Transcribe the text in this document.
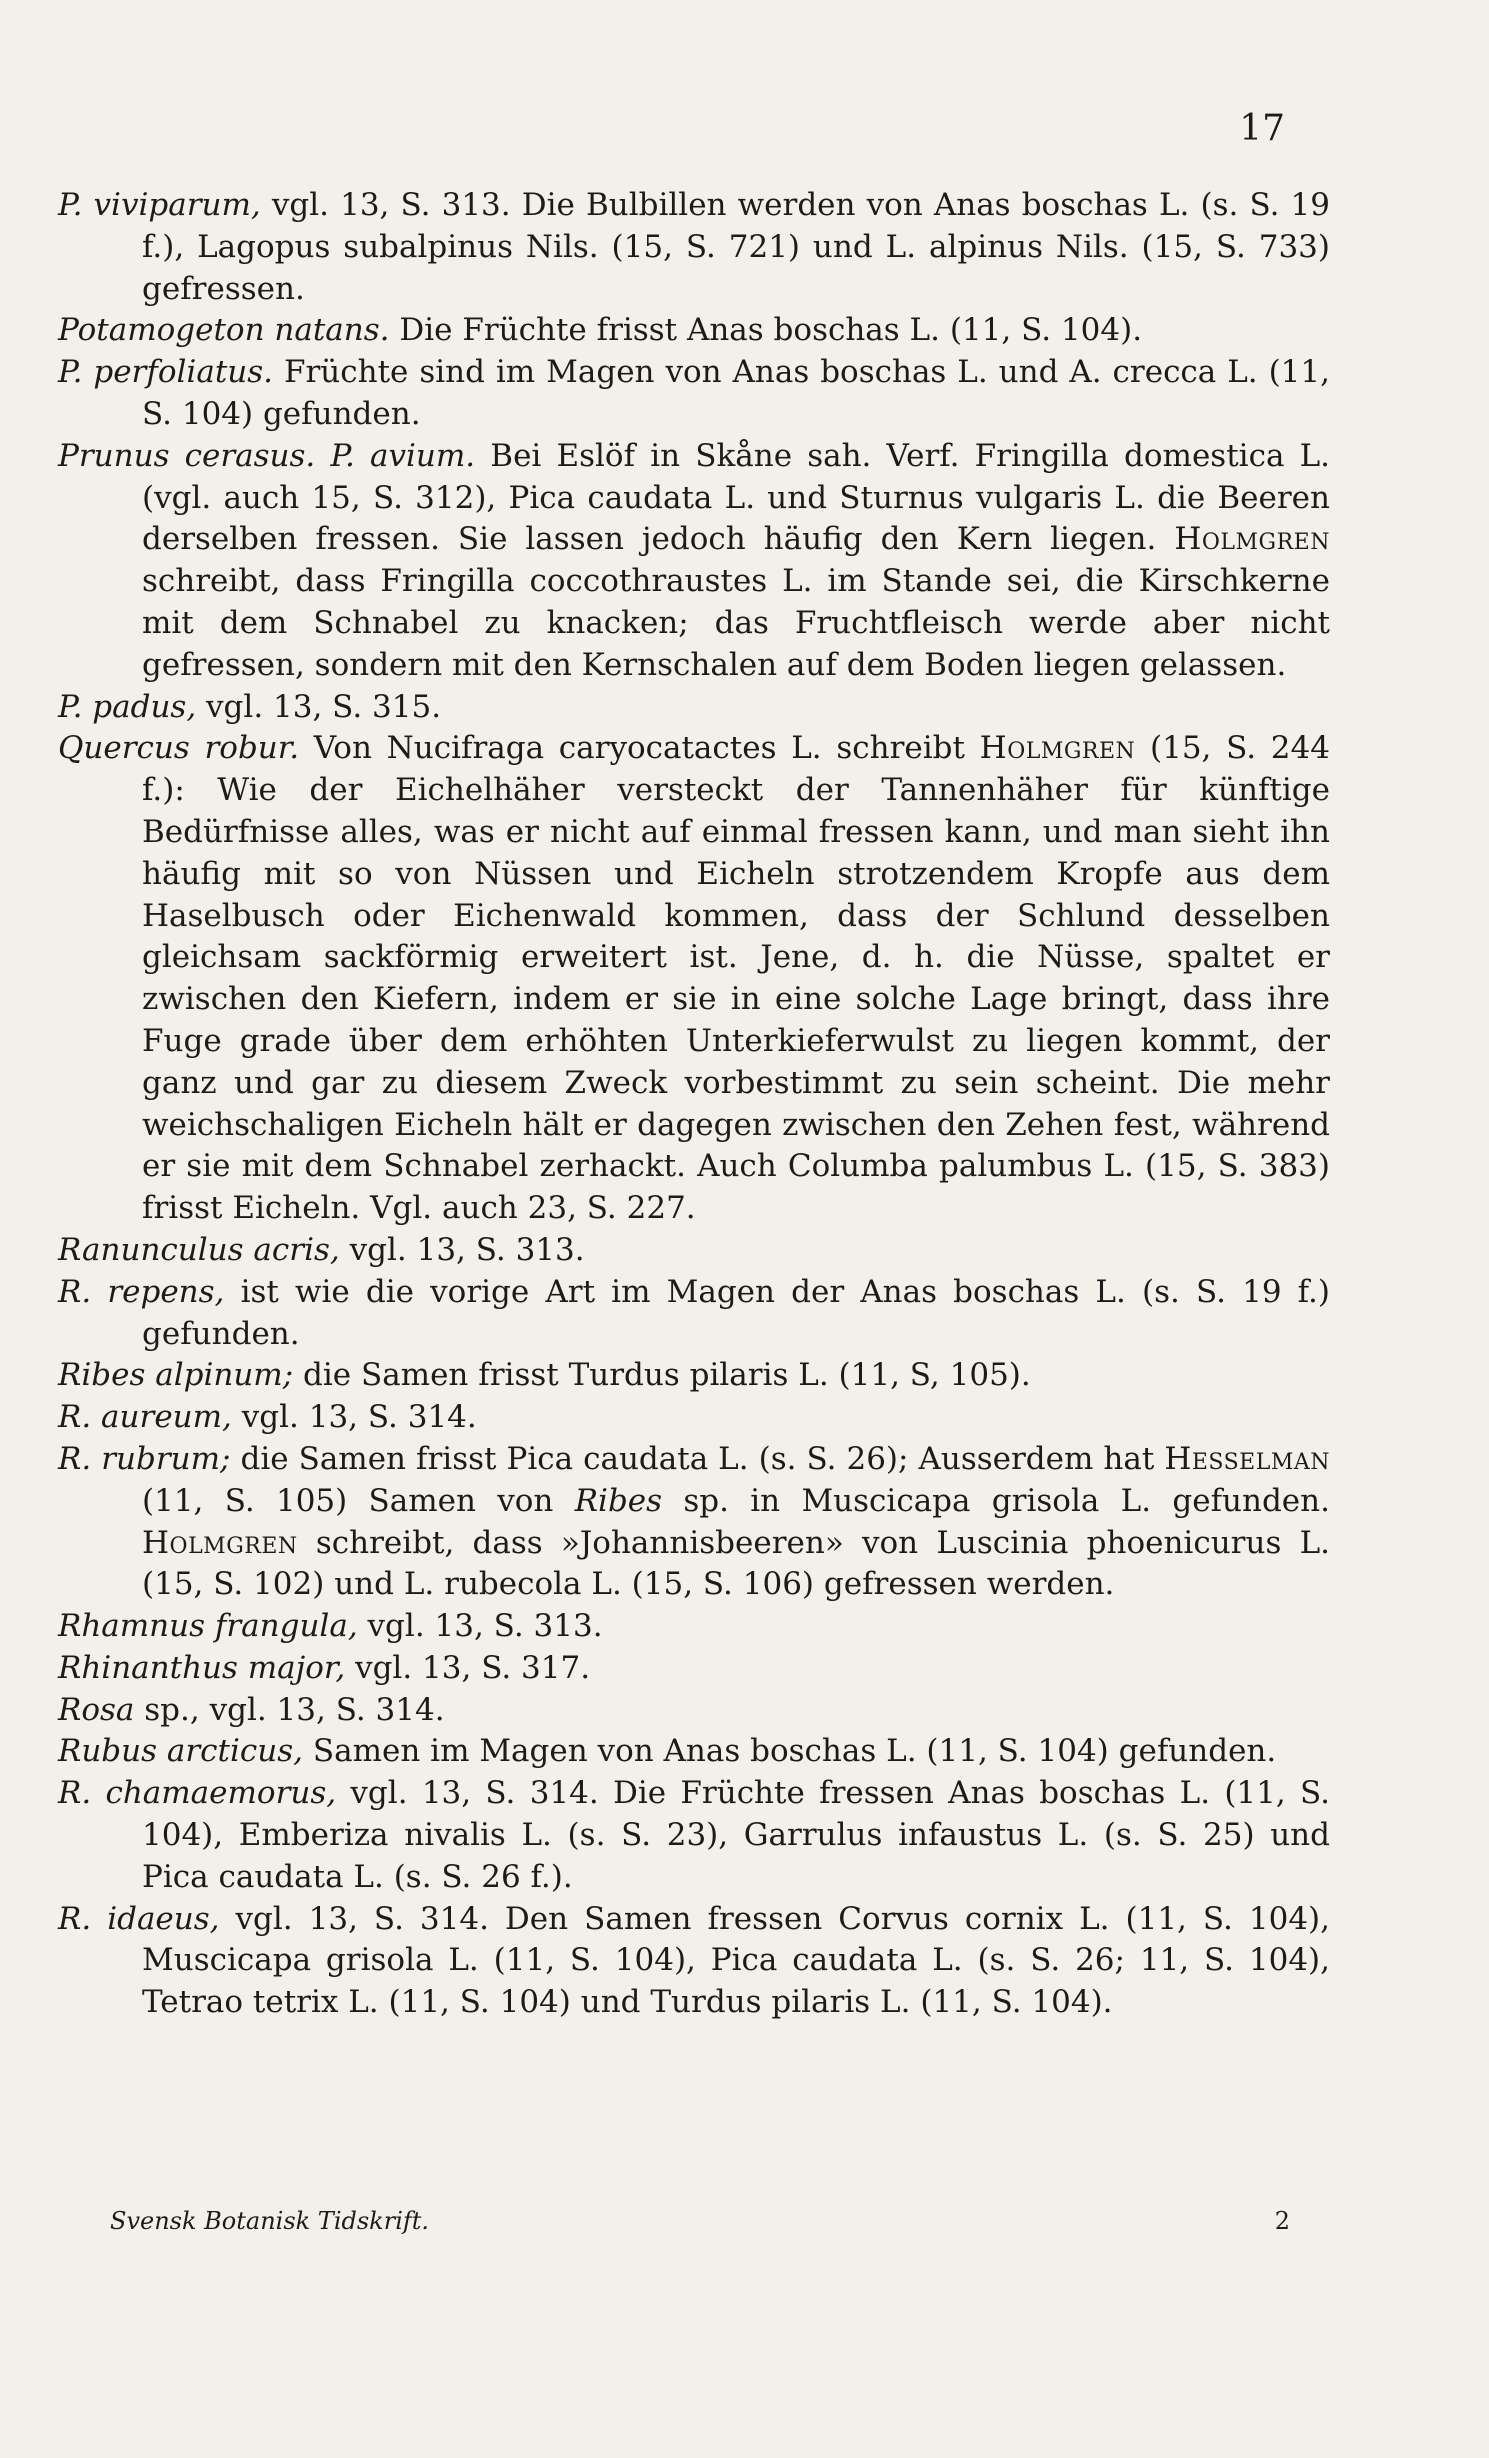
17

P. viviparum, vgl. 13, S. 313. Die Bulbillen werden von Anas boschas L. (s. S. 19 f.), Lagopus subalpinus Nils. (15, S. 721) und L. alpinus Nils. (15, S. 733) gefressen.

Potamogeton natans. Die Früchte frisst Anas boschas L. (11, S. 104).

P. perfoliatus. Früchte sind im Magen von Anas boschas L. und A. crecca L. (11, S. 104) gefunden.

Prunus cerasus. P. avium. Bei Eslöf in Skåne sah. Verf. Fringilla domestica L. (vgl. auch 15, S. 312), Pica caudata L. und Sturnus vulgaris L. die Beeren derselben fressen. Sie lassen jedoch häufig den Kern liegen. Holmgren schreibt, dass Fringilla coccothraustes L. im Stande sei, die Kirschkerne mit dem Schnabel zu knacken; das Fruchtfleisch werde aber nicht gefressen, sondern mit den Kernschalen auf dem Boden liegen gelassen.

P. padus, vgl. 13, S. 315.

Quercus robur. Von Nucifraga caryocatactes L. schreibt Holmgren (15, S. 244 f.): Wie der Eichelhäher versteckt der Tannenhäher für künftige Bedürfnisse alles, was er nicht auf einmal fressen kann, und man sieht ihn häufig mit so von Nüssen und Eicheln strotzendem Kropfe aus dem Haselbusch oder Eichenwald kommen, dass der Schlund desselben gleichsam sackförmig erweitert ist. Jene, d. h. die Nüsse, spaltet er zwischen den Kiefern, indem er sie in eine solche Lage bringt, dass ihre Fuge grade über dem erhöhten Unterkieferwulst zu liegen kommt, der ganz und gar zu diesem Zweck vorbestimmt zu sein scheint. Die mehr weichschaligen Eicheln hält er dagegen zwischen den Zehen fest, während er sie mit dem Schnabel zerhackt. Auch Columba palumbus L. (15, S. 383) frisst Eicheln. Vgl. auch 23, S. 227.

Ranunculus acris, vgl. 13, S. 313.

R. repens, ist wie die vorige Art im Magen der Anas boschas L. (s. S. 19 f.) gefunden.

Ribes alpinum; die Samen frisst Turdus pilaris L. (11, S, 105).

R. aureum, vgl. 13, S. 314.

R. rubrum; die Samen frisst Pica caudata L. (s. S. 26); Ausserdem hat Hesselman (11, S. 105) Samen von Ribes sp. in Muscicapa grisola L. gefunden. Holmgren schreibt, dass »Johannisbeeren» von Luscinia phoenicurus L. (15, S. 102) und L. rubecola L. (15, S. 106) gefressen werden.

Rhamnus frangula, vgl. 13, S. 313.

Rhinanthus major, vgl. 13, S. 317.

Rosa sp., vgl. 13, S. 314.

Rubus arcticus, Samen im Magen von Anas boschas L. (11, S. 104) gefunden.

R. chamaemorus, vgl. 13, S. 314. Die Früchte fressen Anas boschas L. (11, S. 104), Emberiza nivalis L. (s. S. 23), Garrulus infaustus L. (s. S. 25) und Pica caudata L. (s. S. 26 f.).

R. idaeus, vgl. 13, S. 314. Den Samen fressen Corvus cornix L. (11, S. 104), Muscicapa grisola L. (11, S. 104), Pica caudata L. (s. S. 26; 11, S. 104), Tetrao tetrix L. (11, S. 104) und Turdus pilaris L. (11, S. 104).

Svensk Botanisk Tidskrift.	2
